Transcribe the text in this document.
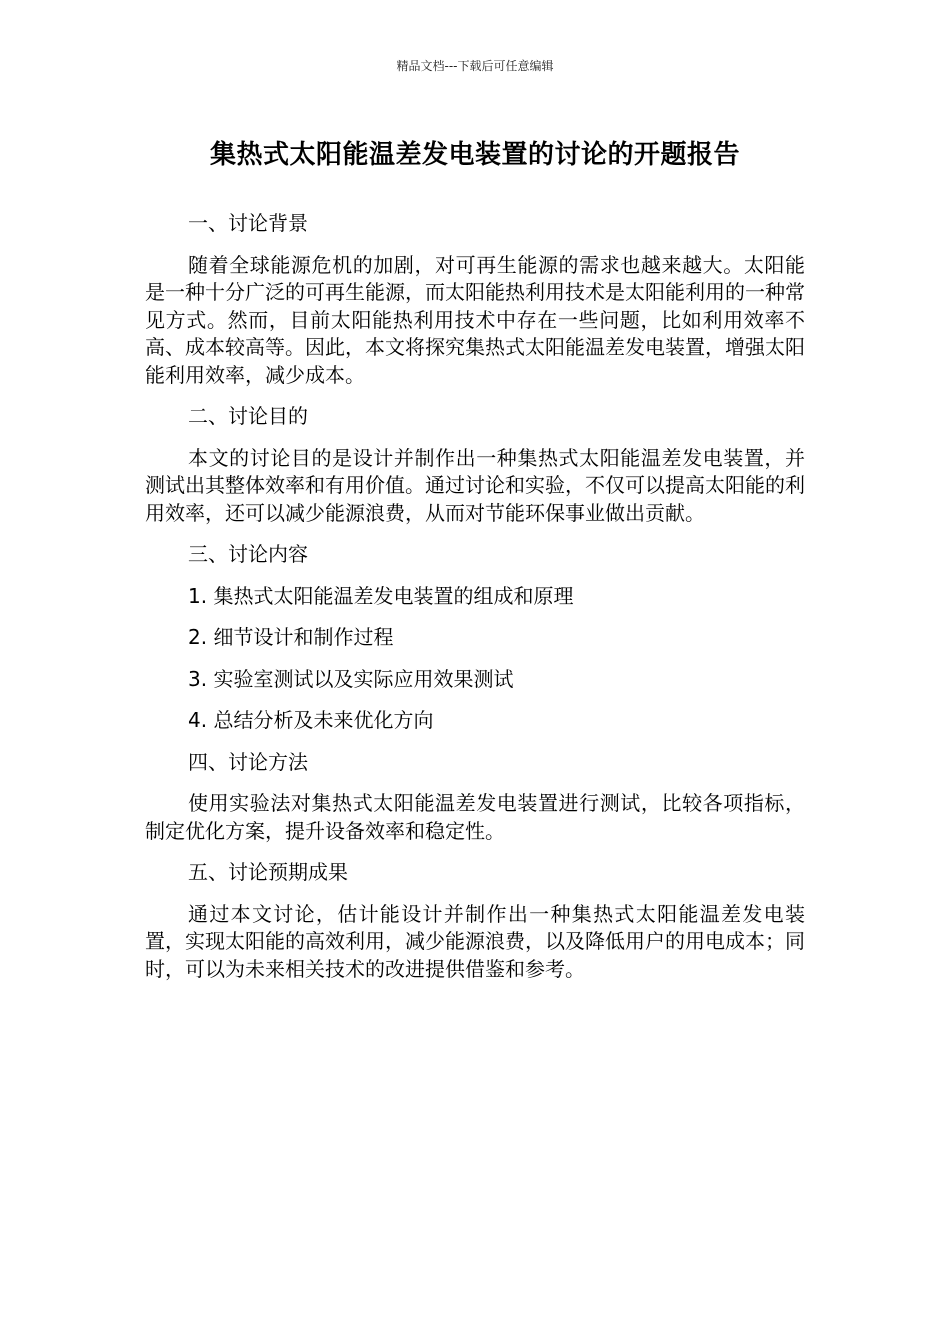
精品文档---下载后可任意编辑
集热式太阳能温差发电装置的讨论的开题报告

一、讨论背景

随着全球能源危机的加剧，对可再生能源的需求也越来越大。太阳能是一种十分广泛的可再生能源，而太阳能热利用技术是太阳能利用的一种常见方式。然而，目前太阳能热利用技术中存在一些问题，比如利用效率不高、成本较高等。因此，本文将探究集热式太阳能温差发电装置，增强太阳能利用效率，减少成本。

二、讨论目的

本文的讨论目的是设计并制作出一种集热式太阳能温差发电装置，并测试出其整体效率和有用价值。通过讨论和实验，不仅可以提高太阳能的利用效率，还可以减少能源浪费，从而对节能环保事业做出贡献。

三、讨论内容

1. 集热式太阳能温差发电装置的组成和原理

2. 细节设计和制作过程

3. 实验室测试以及实际应用效果测试

4. 总结分析及未来优化方向

四、讨论方法

使用实验法对集热式太阳能温差发电装置进行测试，比较各项指标，制定优化方案，提升设备效率和稳定性。

五、讨论预期成果

通过本文讨论，估计能设计并制作出一种集热式太阳能温差发电装置，实现太阳能的高效利用，减少能源浪费，以及降低用户的用电成本；同时，可以为未来相关技术的改进提供借鉴和参考。
